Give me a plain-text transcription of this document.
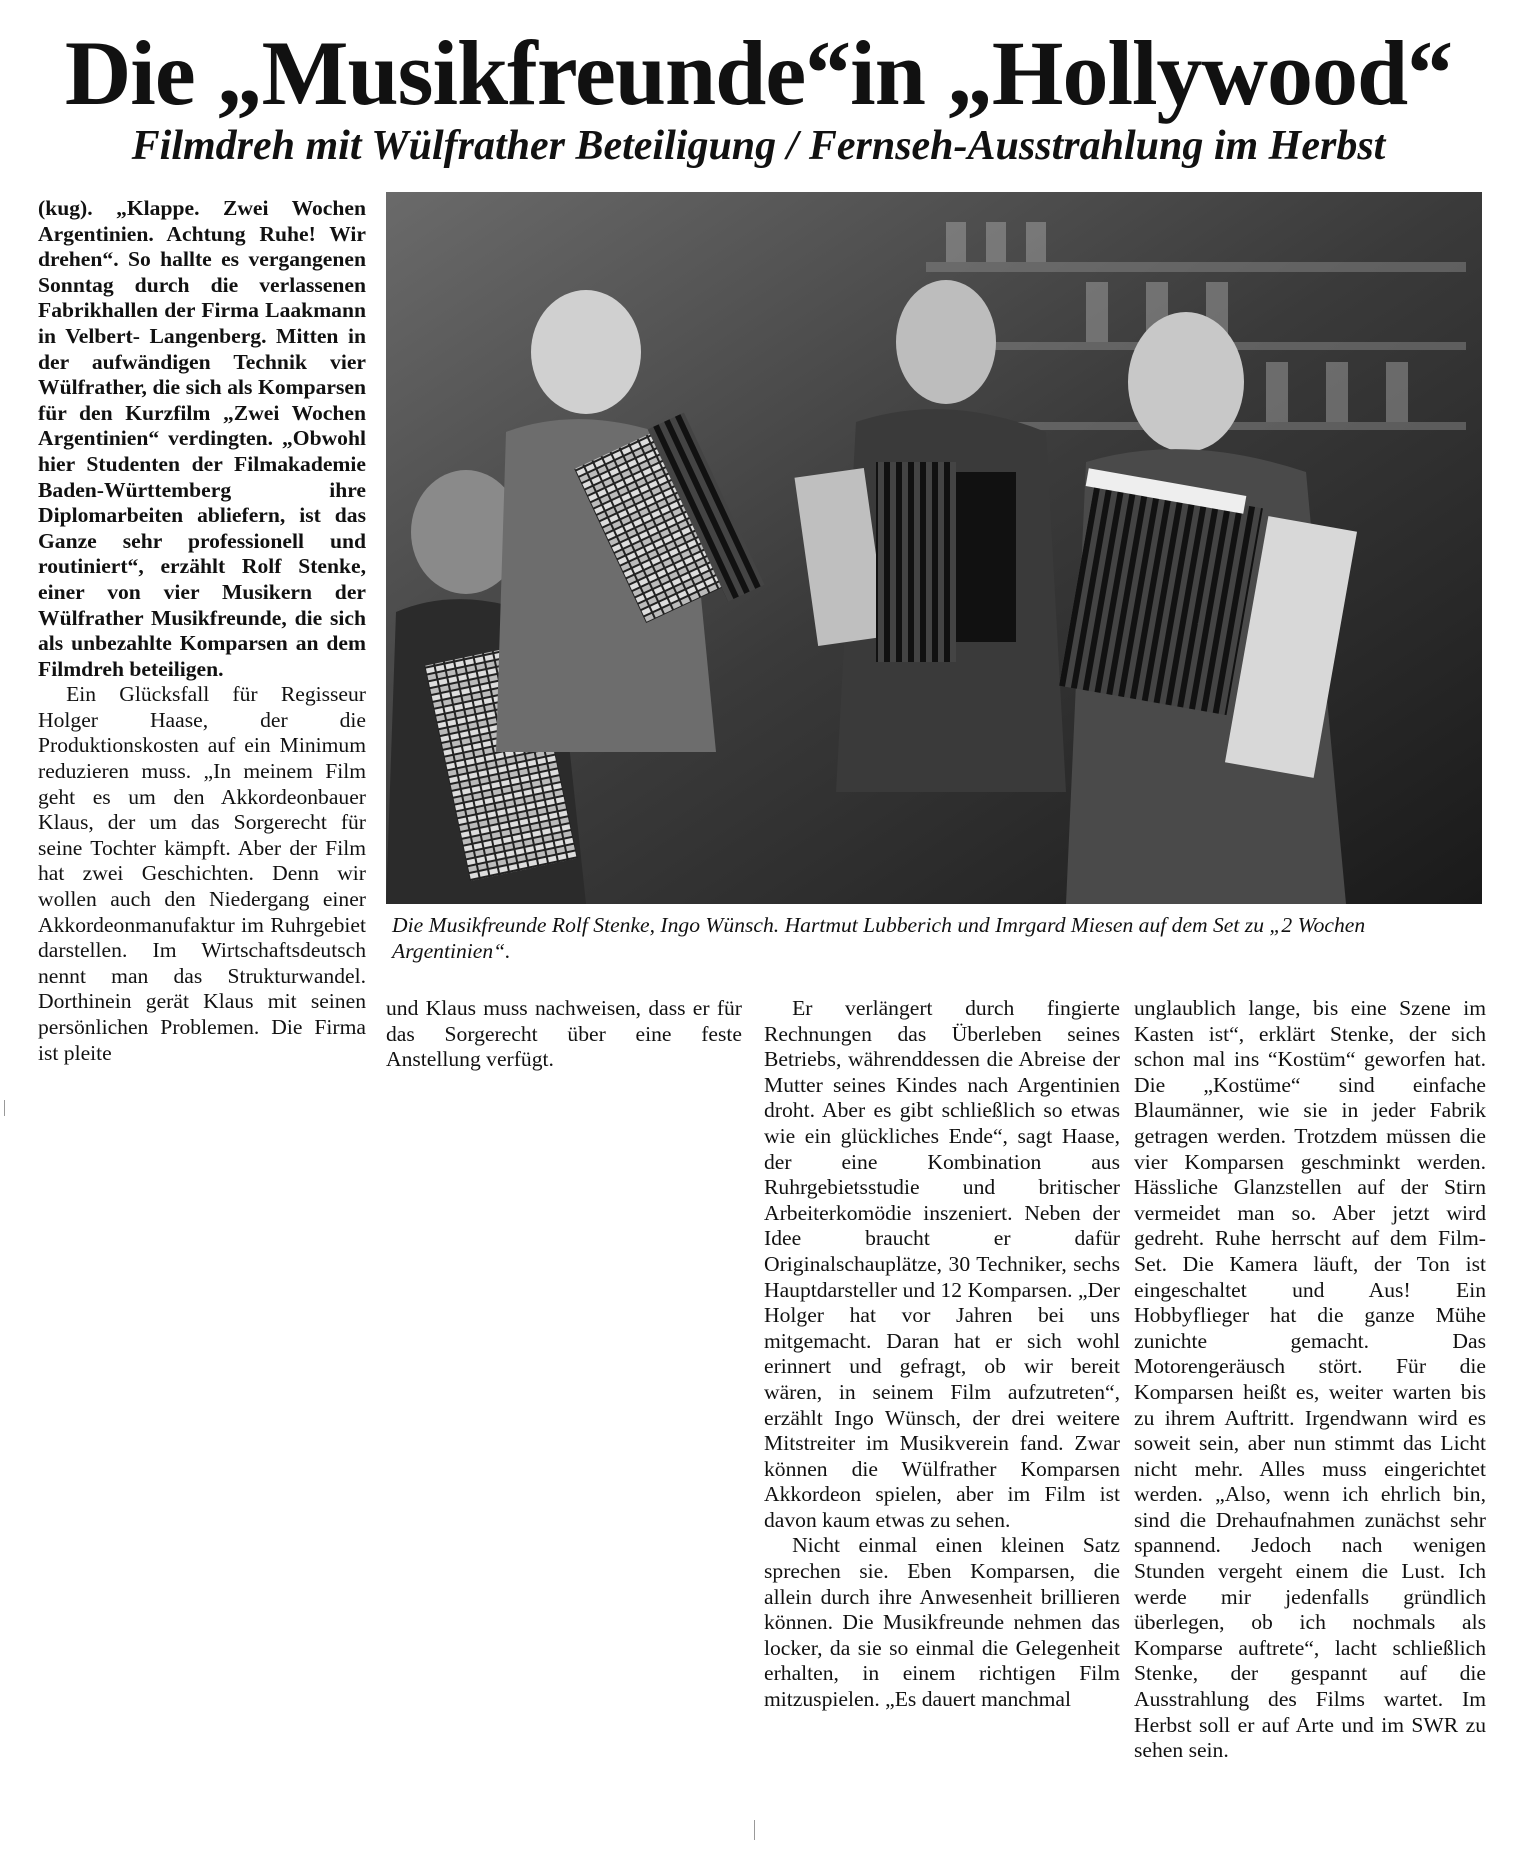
Die „Musikfreunde“in „Hollywood“
Filmdreh mit Wülfrather Beteiligung / Fernseh-Ausstrahlung im Herbst

Die Musikfreunde Rolf Stenke, Ingo Wünsch. Hartmut Lubberich und Imrgard Miesen auf dem Set zu „2 Wochen Argentinien“.

(kug). „Klappe. Zwei Wochen Argentinien. Achtung Ruhe! Wir drehen“. So hallte es vergangenen Sonntag durch die verlassenen Fabrikhallen der Firma Laakmann in Velbert- Langenberg. Mitten in der aufwändigen Technik vier Wülfrather, die sich als Komparsen für den Kurzfilm „Zwei Wochen Argentinien“ verdingten. „Obwohl hier Studenten der Filmakademie Baden-Württemberg ihre Diplomarbeiten abliefern, ist das Ganze sehr professionell und routiniert“, erzählt Rolf Stenke, einer von vier Musikern der Wülfrather Musikfreunde, die sich als unbezahlte Komparsen an dem Filmdreh beteiligen.

Ein Glücksfall für Regisseur Holger Haase, der die Produktionskosten auf ein Minimum reduzieren muss. „In meinem Film geht es um den Akkordeonbauer Klaus, der um das Sorgerecht für seine Tochter kämpft. Aber der Film hat zwei Geschichten. Denn wir wollen auch den Niedergang einer Akkordeonmanufaktur im Ruhrgebiet darstellen. Im Wirtschaftsdeutsch nennt man das Strukturwandel. Dorthinein gerät Klaus mit seinen persönlichen Problemen. Die Firma ist pleite

und Klaus muss nachweisen, dass er für das Sorgerecht über eine feste Anstellung verfügt.

Er verlängert durch fingierte Rechnungen das Überleben seines Betriebs, währenddessen die Abreise der Mutter seines Kindes nach Argentinien droht. Aber es gibt schließlich so etwas wie ein glückliches Ende“, sagt Haase, der eine Kombination aus Ruhrgebietsstudie und britischer Arbeiterkomödie inszeniert. Neben der Idee braucht er dafür Originalschauplätze, 30 Techniker, sechs Hauptdarsteller und 12 Komparsen. „Der Holger hat vor Jahren bei uns mitgemacht. Daran hat er sich wohl erinnert und gefragt, ob wir bereit wären, in seinem Film aufzutreten“, erzählt Ingo Wünsch, der drei weitere Mitstreiter im Musikverein fand. Zwar können die Wülfrather Komparsen Akkordeon spielen, aber im Film ist davon kaum etwas zu sehen.

Nicht einmal einen kleinen Satz sprechen sie. Eben Komparsen, die allein durch ihre Anwesenheit brillieren können. Die Musikfreunde nehmen das locker, da sie so einmal die Gelegenheit erhalten, in einem richtigen Film mitzuspielen. „Es dauert manchmal

unglaublich lange, bis eine Szene im Kasten ist“, erklärt Stenke, der sich schon mal ins “Kostüm“ geworfen hat. Die „Kostüme“ sind einfache Blaumänner, wie sie in jeder Fabrik getragen werden. Trotzdem müssen die vier Komparsen geschminkt werden. Hässliche Glanzstellen auf der Stirn vermeidet man so. Aber jetzt wird gedreht. Ruhe herrscht auf dem Film-Set. Die Kamera läuft, der Ton ist eingeschaltet und Aus! Ein Hobbyflieger hat die ganze Mühe zunichte gemacht. Das Motorengeräusch stört. Für die Komparsen heißt es, weiter warten bis zu ihrem Auftritt. Irgendwann wird es soweit sein, aber nun stimmt das Licht nicht mehr. Alles muss eingerichtet werden. „Also, wenn ich ehrlich bin, sind die Drehaufnahmen zunächst sehr spannend. Jedoch nach wenigen Stunden vergeht einem die Lust. Ich werde mir jedenfalls gründlich überlegen, ob ich nochmals als Komparse auftrete“, lacht schließlich Stenke, der gespannt auf die Ausstrahlung des Films wartet. Im Herbst soll er auf Arte und im SWR zu sehen sein.
